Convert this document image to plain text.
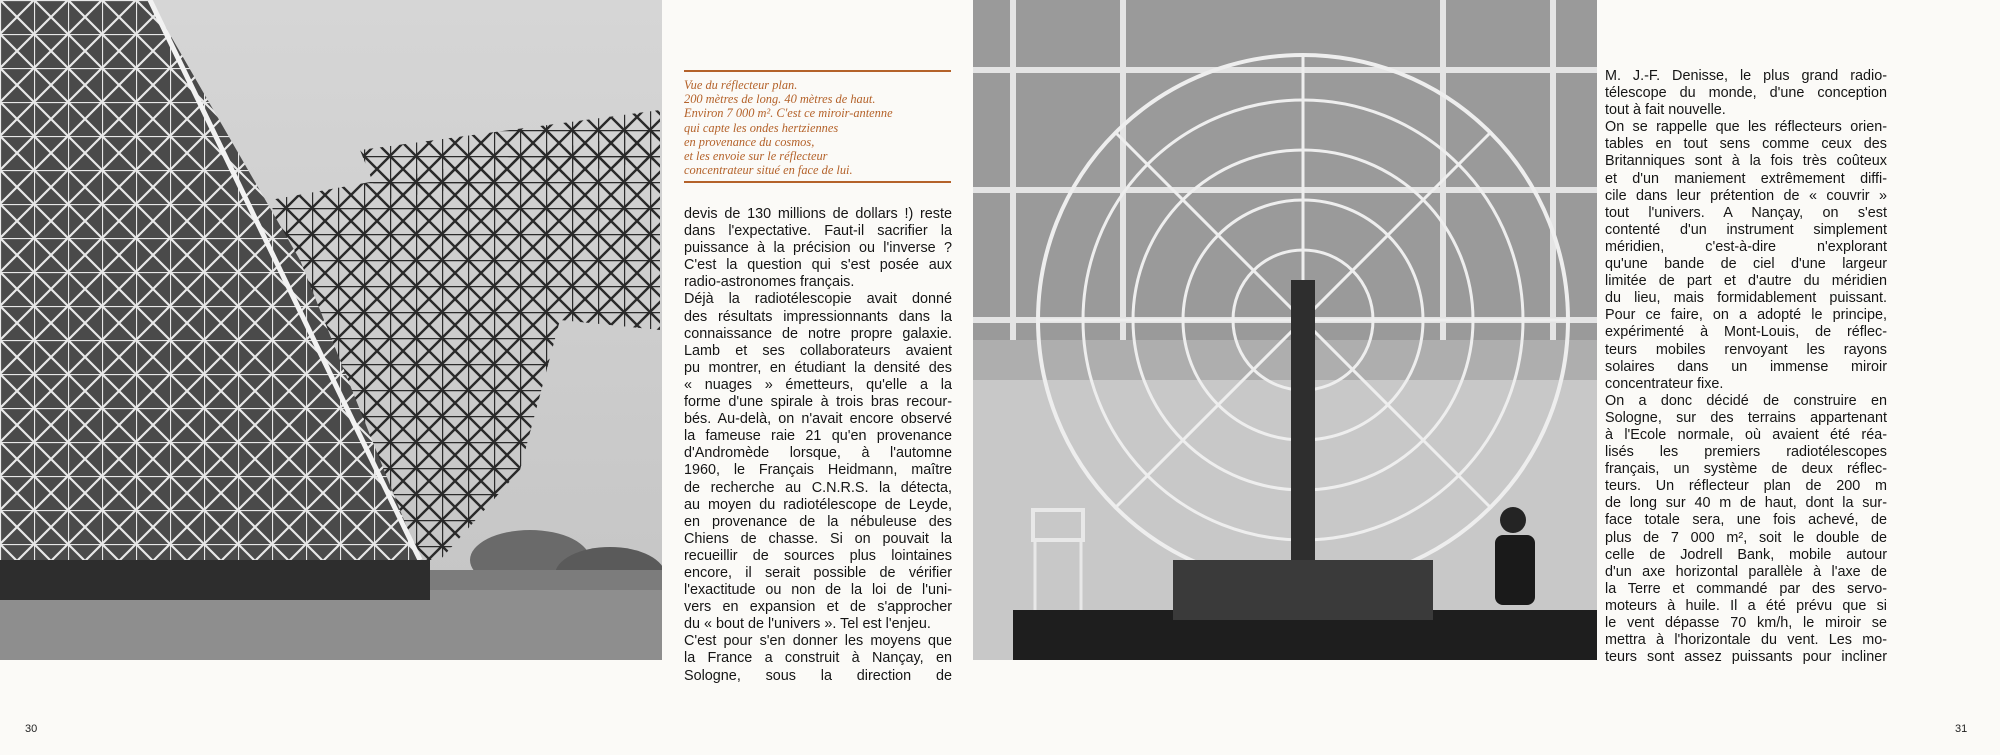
Vue du réflecteur plan.
200 mètres de long. 40 mètres de haut.
Environ 7 000 m². C'est ce miroir-antenne
qui capte les ondes hertziennes
en provenance du cosmos,
et les envoie sur le réflecteur
concentrateur situé en face de lui.
devis de 130 millions de dollars !) reste
dans l'expectative. Faut-il sacrifier la
puissance à la précision ou l'inverse ?
C'est la question qui s'est posée aux
radio-astronomes français.
Déjà la radiotélescopie avait donné
des résultats impressionnants dans la
connaissance de notre propre galaxie.
Lamb et ses collaborateurs avaient
pu montrer, en étudiant la densité des
« nuages » émetteurs, qu'elle a la
forme d'une spirale à trois bras recour-
bés. Au-delà, on n'avait encore observé
la fameuse raie 21 qu'en provenance
d'Andromède lorsque, à l'automne
1960, le Français Heidmann, maître
de recherche au C.N.R.S. la détecta,
au moyen du radiotélescope de Leyde,
en provenance de la nébuleuse des
Chiens de chasse. Si on pouvait la
recueillir de sources plus lointaines
encore, il serait possible de vérifier
l'exactitude ou non de la loi de l'uni-
vers en expansion et de s'approcher
du « bout de l'univers ». Tel est l'enjeu.
C'est pour s'en donner les moyens que
la France a construit à Nançay, en
Sologne, sous la direction de
M. J.-F. Denisse, le plus grand radio-
télescope du monde, d'une conception
tout à fait nouvelle.
On se rappelle que les réflecteurs orien-
tables en tout sens comme ceux des
Britanniques sont à la fois très coûteux
et d'un maniement extrêmement diffi-
cile dans leur prétention de « couvrir »
tout l'univers. A Nançay, on s'est
contenté d'un instrument simplement
méridien, c'est-à-dire n'explorant
qu'une bande de ciel d'une largeur
limitée de part et d'autre du méridien
du lieu, mais formidablement puissant.
Pour ce faire, on a adopté le principe,
expérimenté à Mont-Louis, de réflec-
teurs mobiles renvoyant les rayons
solaires dans un immense miroir
concentrateur fixe.
On a donc décidé de construire en
Sologne, sur des terrains appartenant
à l'Ecole normale, où avaient été réa-
lisés les premiers radiotélescopes
français, un système de deux réflec-
teurs. Un réflecteur plan de 200 m
de long sur 40 m de haut, dont la sur-
face totale sera, une fois achevé, de
plus de 7 000 m², soit le double de
celle de Jodrell Bank, mobile autour
d'un axe horizontal parallèle à l'axe de
la Terre et commandé par des servo-
moteurs à huile. Il a été prévu que si
le vent dépasse 70 km/h, le miroir se
mettra à l'horizontale du vent. Les mo-
teurs sont assez puissants pour incliner
30	31
